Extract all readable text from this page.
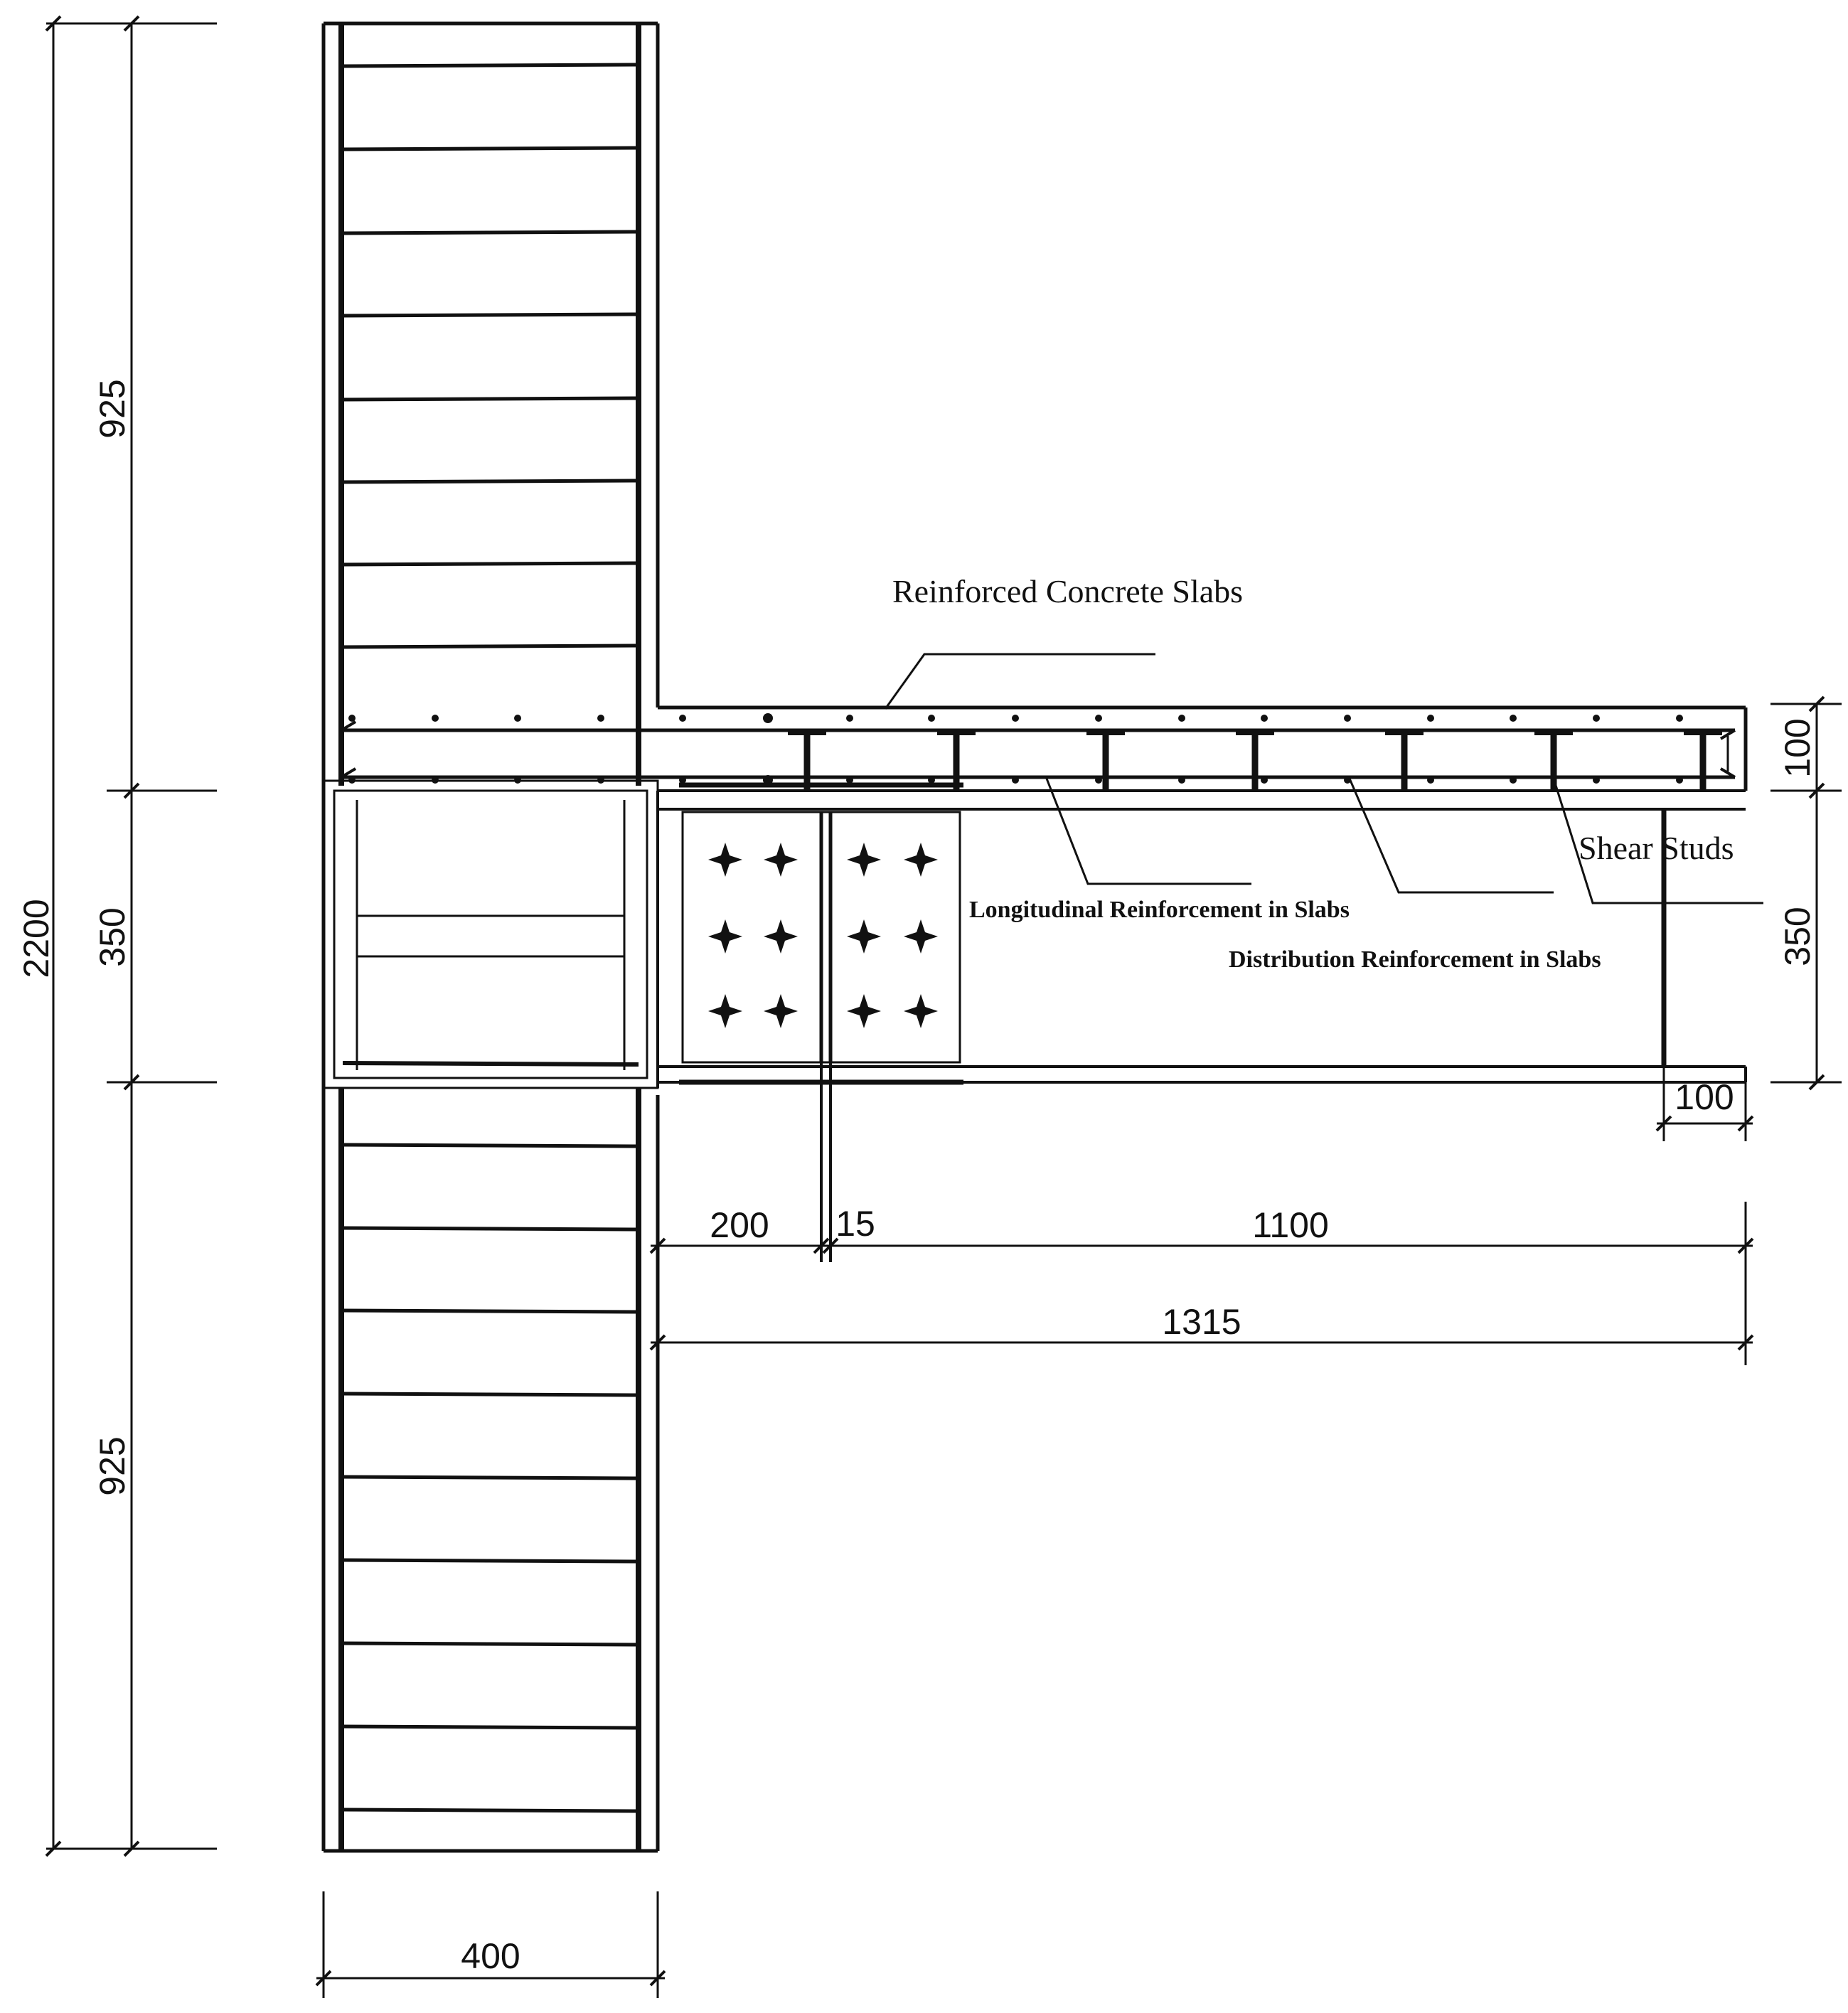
2200
925
350
925
100
350
100
200 15	1100
1315
400
Reinforced Concrete Slabs
Shear Studs
Longitudinal Reinforcement in Slabs
Distribution Reinforcement in Slabs
